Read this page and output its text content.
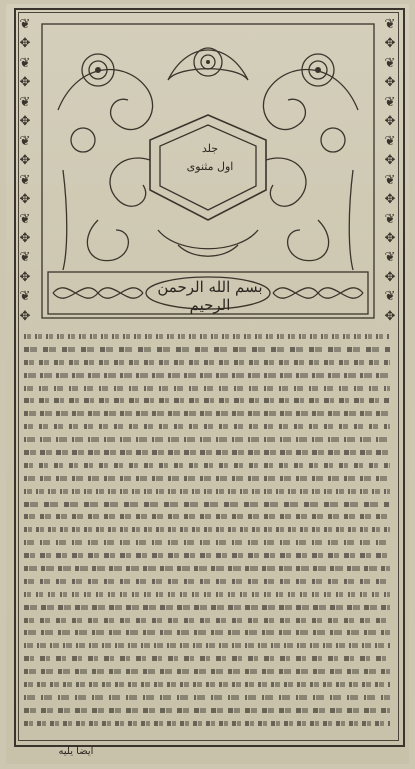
❦
✥
❦
✥
❦
✥
❦
✥
❦
✥
❦
✥
❦
✥
❦
✥
❦
✥
❦
✥
❦
✥
❦
✥
❦
✥
❦
✥
❦
✥
❦
✥
جلد
اول مثنوی
بسم الله الرحمن الرحیم
ایضا یلیه
